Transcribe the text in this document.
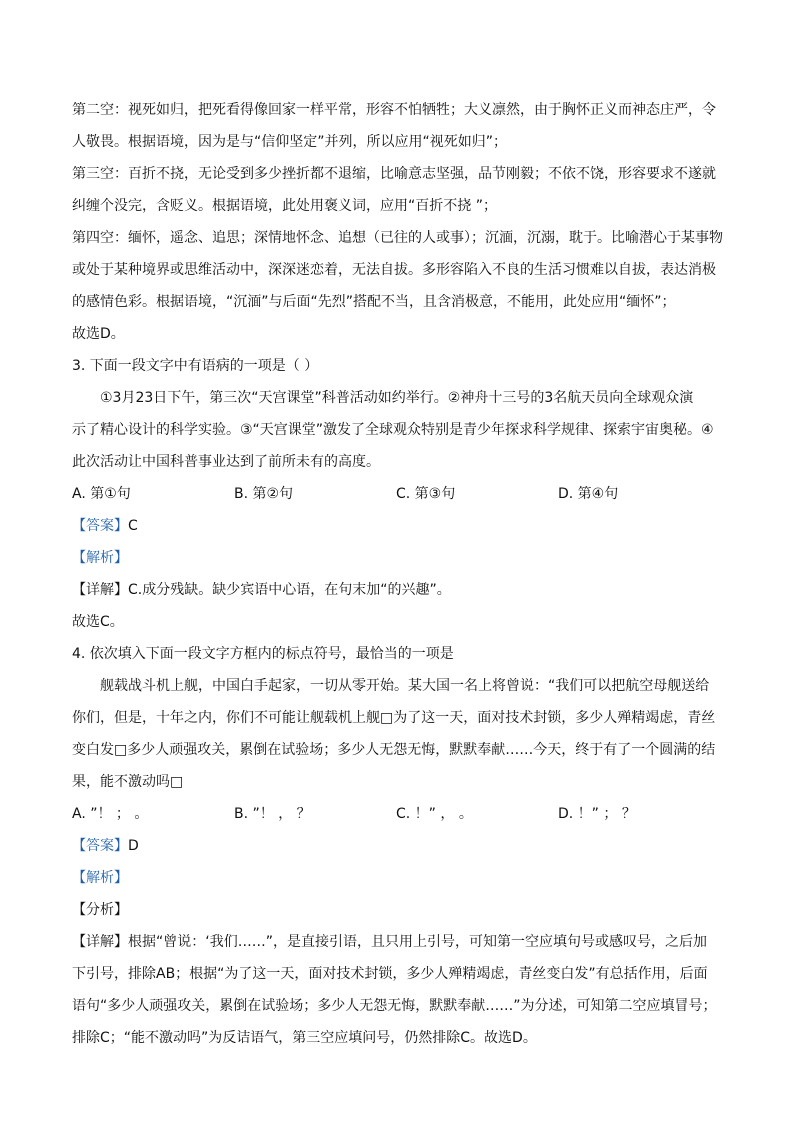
第二空：视死如归，把死看得像回家一样平常，形容不怕牺牲；大义凛然，由于胸怀正义而神态庄严，令
人敬畏。根据语境，因为是与“信仰坚定”并列，所以应用“视死如归”；
第三空：百折不挠，无论受到多少挫折都不退缩，比喻意志坚强，品节刚毅；不依不饶，形容要求不遂就
纠缠个没完，含贬义。根据语境，此处用褒义词，应用“百折不挠 ”；
第四空：缅怀，遥念、追思；深情地怀念、追想（已往的人或事）；沉湎，沉溺，耽于。比喻潜心于某事物
或处于某种境界或思维活动中，深深迷恋着，无法自拔。多形容陷入不良的生活习惯难以自拔，表达消极
的感情色彩。根据语境，“沉湎”与后面“先烈”搭配不当，且含消极意，不能用，此处应用“缅怀”；
故选D。
3. 下面一段文字中有语病的一项是（ ）
①3月23日下午，第三次“天宫课堂”科普活动如约举行。②神舟十三号的3名航天员向全球观众演
示了精心设计的科学实验。③“天宫课堂”激发了全球观众特别是青少年探求科学规律、探索宇宙奥秘。④
此次活动让中国科普事业达到了前所未有的高度。
A. 第①句	B. 第②句	C. 第③句	D. 第④句
【答案】C
【解析】
【详解】C.成分残缺。缺少宾语中心语，在句末加“的兴趣”。
故选C。
4. 依次填入下面一段文字方框内的标点符号，最恰当的一项是
舰载战斗机上舰，中国白手起家，一切从零开始。某大国一名上将曾说：“我们可以把航空母舰送给
你们，但是，十年之内，你们不可能让舰载机上舰□为了这一天，面对技术封锁，多少人殚精竭虑，青丝
变白发□多少人顽强攻关，累倒在试验场；多少人无怨无悔，默默奉献……今天，终于有了一个圆满的结
果，能不激动吗□
A. ”！ ； 。	B. ”！ ， ？	C. ！” ， 。	D. ！” ； ？
【答案】D
【解析】
【分析】
【详解】根据“曾说：‘我们……”，是直接引语，且只用上引号，可知第一空应填句号或感叹号，之后加
下引号，排除AB；根据“为了这一天，面对技术封锁，多少人殚精竭虑，青丝变白发”有总括作用，后面
语句“多少人顽强攻关，累倒在试验场；多少人无怨无悔，默默奉献……”为分述，可知第二空应填冒号；
排除C；“能不激动吗”为反诘语气，第三空应填问号，仍然排除C。故选D。
